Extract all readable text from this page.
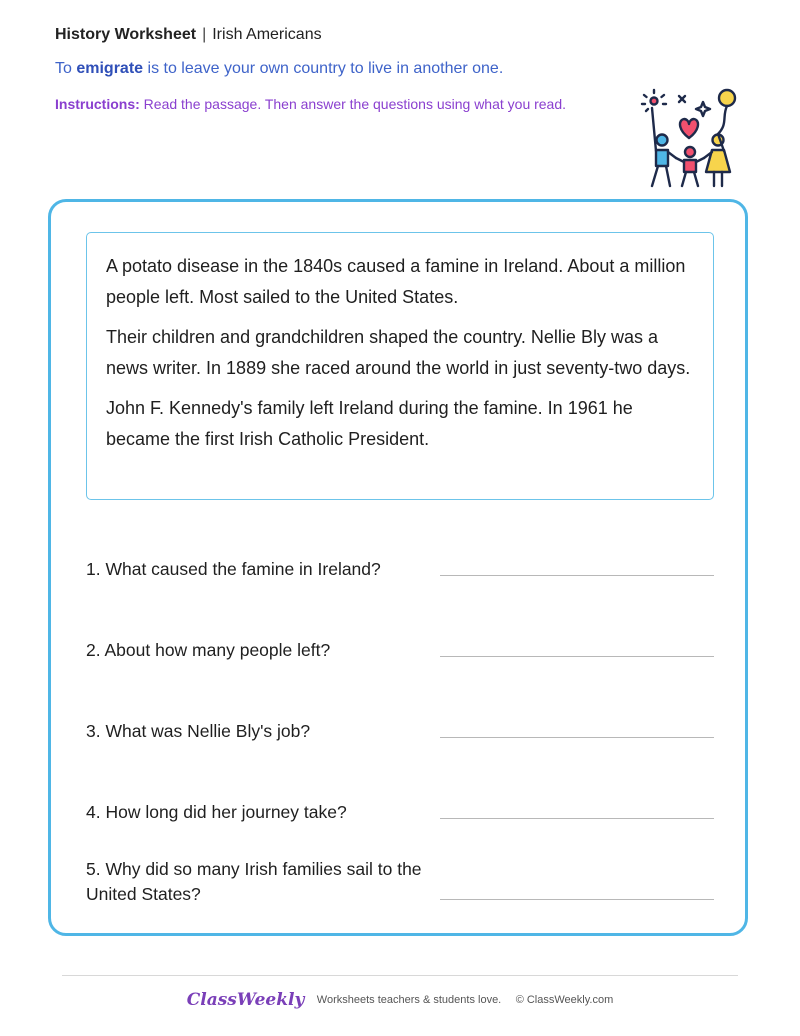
History Worksheet | Irish Americans
To emigrate is to leave your own country to live in another one.
Instructions: Read the passage. Then answer the questions using what you read.

A potato disease in the 1840s caused a famine in Ireland. About a million people left. Most sailed to the United States.

Their children and grandchildren shaped the country. Nellie Bly was a news writer. In 1889 she raced around the world in just seventy-two days.

John F. Kennedy's family left Ireland during the famine. In 1961 he became the first Irish Catholic President.

1. What caused the famine in Ireland?
2. About how many people left?
3. What was Nellie Bly's job?
4. How long did her journey take?
5. Why did so many Irish families sail to the United States?
ClassWeekly Worksheets teachers & students love. © ClassWeekly.com
